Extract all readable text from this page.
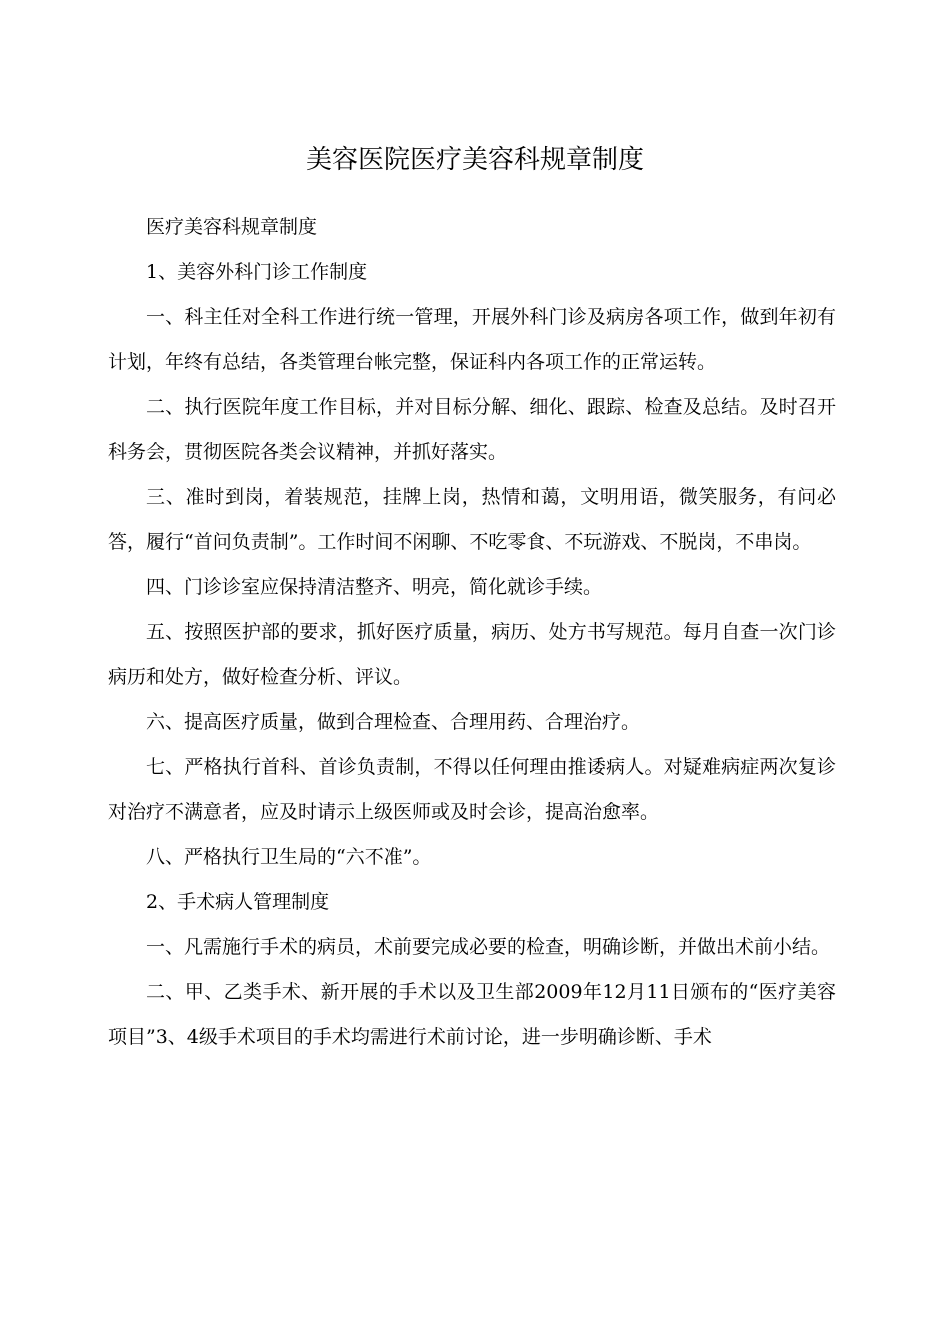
美容医院医疗美容科规章制度

医疗美容科规章制度

1、美容外科门诊工作制度

一、科主任对全科工作进行统一管理，开展外科门诊及病房各项工作，做到年初有计划，年终有总结，各类管理台帐完整，保证科内各项工作的正常运转。

二、执行医院年度工作目标，并对目标分解、细化、跟踪、检查及总结。及时召开科务会，贯彻医院各类会议精神，并抓好落实。

三、准时到岗，着装规范，挂牌上岗，热情和蔼，文明用语，微笑服务，有问必答，履行“首问负责制”。工作时间不闲聊、不吃零食、不玩游戏、不脱岗，不串岗。

四、门诊诊室应保持清洁整齐、明亮，简化就诊手续。

五、按照医护部的要求，抓好医疗质量，病历、处方书写规范。每月自查一次门诊病历和处方，做好检查分析、评议。

六、提高医疗质量，做到合理检查、合理用药、合理治疗。

七、严格执行首科、首诊负责制，不得以任何理由推诿病人。对疑难病症两次复诊对治疗不满意者，应及时请示上级医师或及时会诊，提高治愈率。

八、严格执行卫生局的“六不准”。

2、手术病人管理制度

一、凡需施行手术的病员，术前要完成必要的检查，明确诊断，并做出术前小结。

二、甲、乙类手术、新开展的手术以及卫生部2009年12月11日颁布的“医疗美容项目”3、4级手术项目的手术均需进行术前讨论，进一步明确诊断、手术
